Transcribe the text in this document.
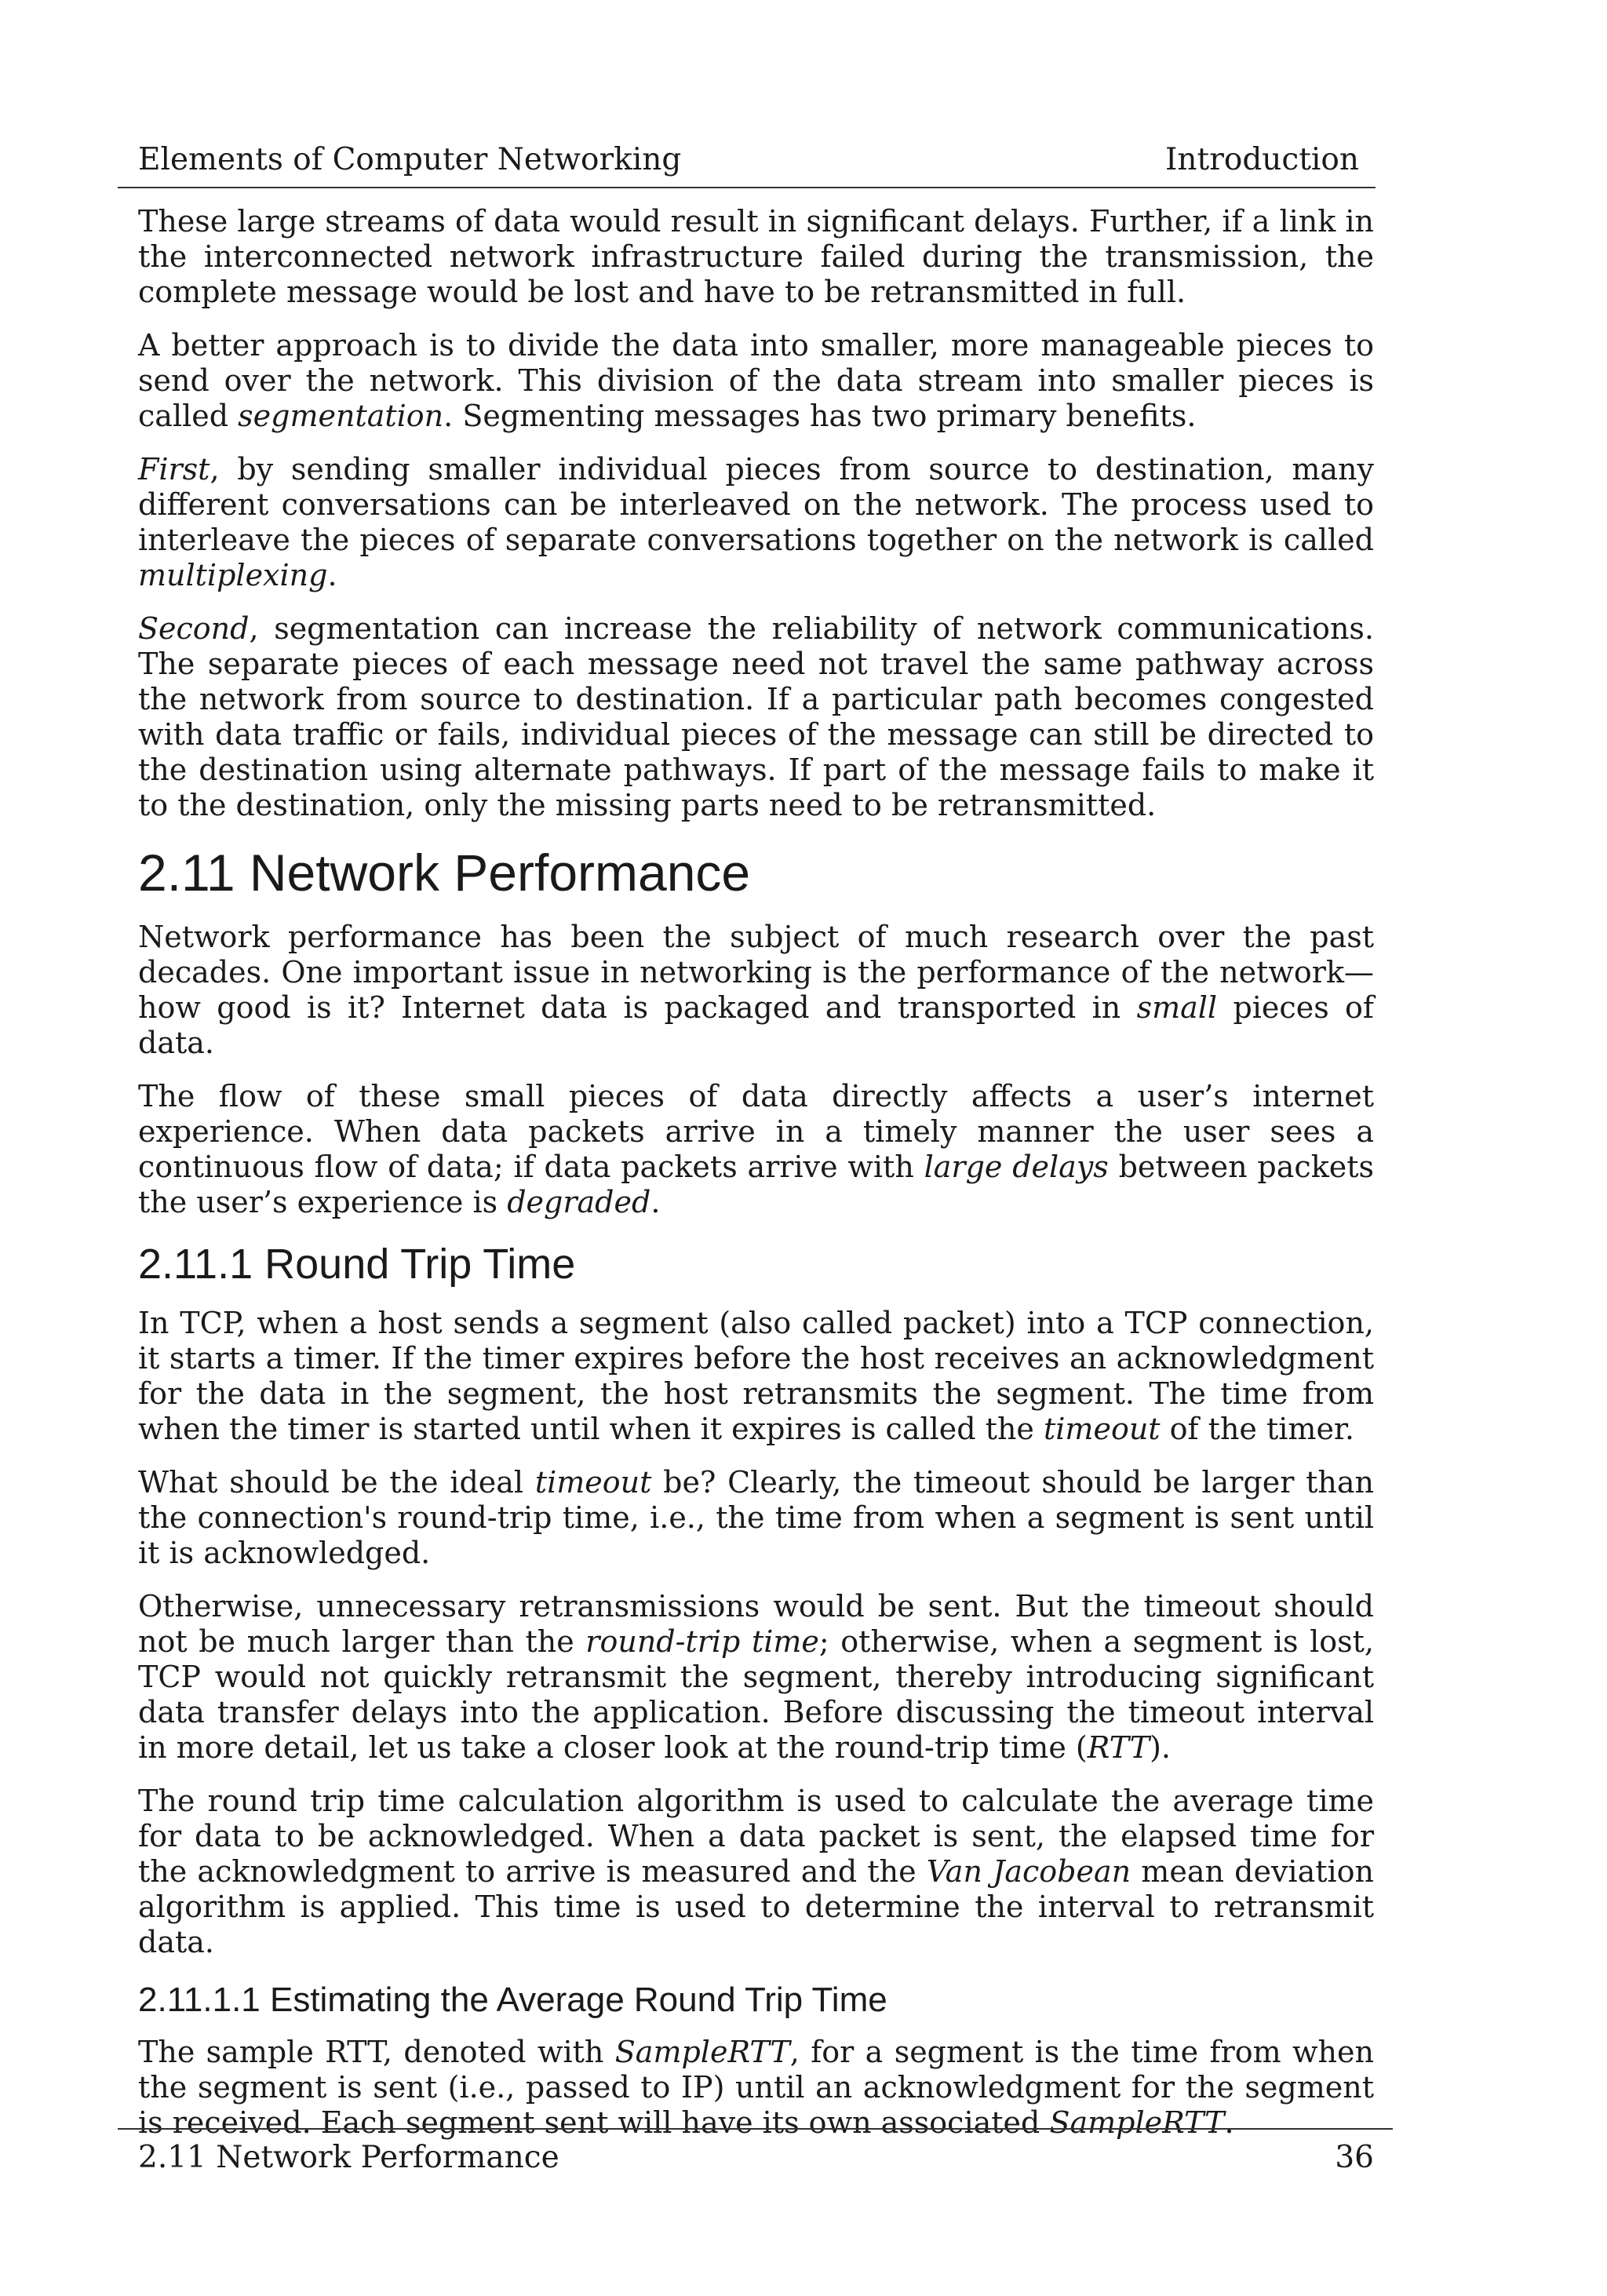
Elements of Computer Networking	Introduction

These large streams of data would result in significant delays. Further, if a link in the interconnected network infrastructure failed during the transmission, the complete message would be lost and have to be retransmitted in full.

A better approach is to divide the data into smaller, more manageable pieces to send over the network. This division of the data stream into smaller pieces is called segmentation. Segmenting messages has two primary benefits.

First, by sending smaller individual pieces from source to destination, many different conversations can be interleaved on the network. The process used to interleave the pieces of separate conversations together on the network is called multiplexing.

Second, segmentation can increase the reliability of network communications. The separate pieces of each message need not travel the same pathway across the network from source to destination. If a particular path becomes congested with data traffic or fails, individual pieces of the message can still be directed to the destination using alternate pathways. If part of the message fails to make it to the destination, only the missing parts need to be retransmitted.

2.11 Network Performance

Network performance has been the subject of much research over the past decades. One important issue in networking is the performance of the network—how good is it? Internet data is packaged and transported in small pieces of data.

The flow of these small pieces of data directly affects a user’s internet experience. When data packets arrive in a timely manner the user sees a continuous flow of data; if data packets arrive with large delays between packets the user’s experience is degraded.

2.11.1 Round Trip Time

In TCP, when a host sends a segment (also called packet) into a TCP connection, it starts a timer. If the timer expires before the host receives an acknowledgment for the data in the segment, the host retransmits the segment. The time from when the timer is started until when it expires is called the timeout of the timer.

What should be the ideal timeout be? Clearly, the timeout should be larger than the connection's round-trip time, i.e., the time from when a segment is sent until it is acknowledged.

Otherwise, unnecessary retransmissions would be sent. But the timeout should not be much larger than the round-trip time; otherwise, when a segment is lost, TCP would not quickly retransmit the segment, thereby introducing significant data transfer delays into the application. Before discussing the timeout interval in more detail, let us take a closer look at the round-trip time (RTT).

The round trip time calculation algorithm is used to calculate the average time for data to be acknowledged. When a data packet is sent, the elapsed time for the acknowledgment to arrive is measured and the Van Jacobean mean deviation algorithm is applied. This time is used to determine the interval to retransmit data.

2.11.1.1 Estimating the Average Round Trip Time

The sample RTT, denoted with SampleRTT, for a segment is the time from when the segment is sent (i.e., passed to IP) until an acknowledgment for the segment is received. Each segment sent will have its own associated SampleRTT.

2.11 Network Performance	36
